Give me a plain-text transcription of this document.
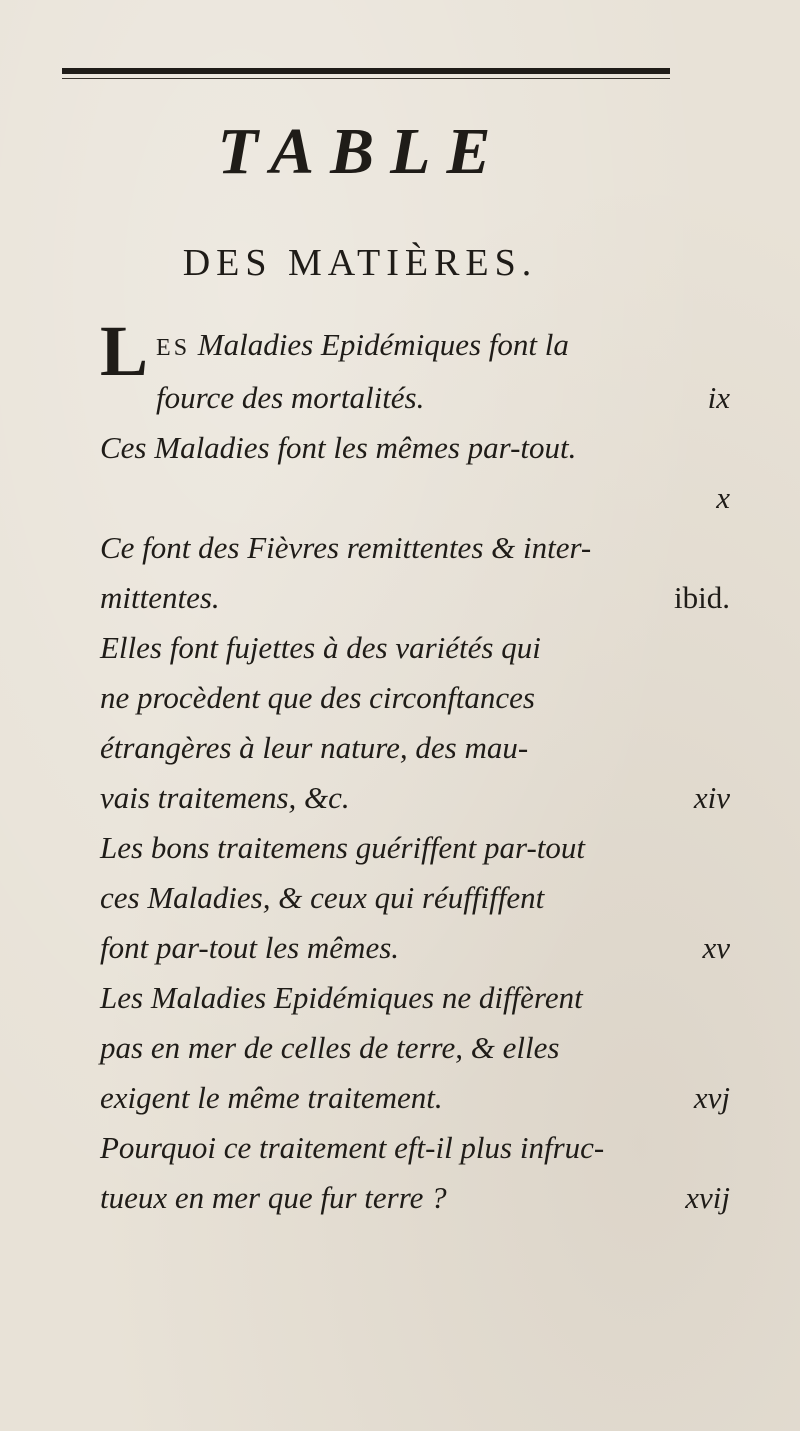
TABLE
DES MATIÈRES.
L ES Maladies Epidémiques font la
fource des mortalités.	ix
Ces Maladies font les mêmes par-tout.
x
Ce font des Fièvres remittentes & inter-
mittentes.	ibid.
Elles font fujettes à des variétés qui
ne procèdent que des circonftances
étrangères à leur nature, des mau-
vais traitemens, &c.	xiv
Les bons traitemens guériffent par-tout
ces Maladies, & ceux qui réuffiffent
font par-tout les mêmes.	xv
Les Maladies Epidémiques ne diffèrent
pas en mer de celles de terre, & elles
exigent le même traitement.	xvj
Pourquoi ce traitement eft-il plus infruc-
tueux en mer que fur terre ?	xvij
